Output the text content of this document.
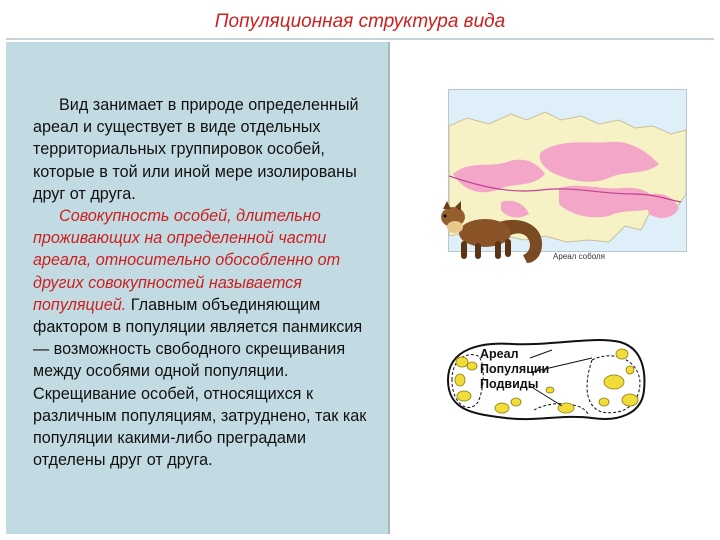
Популяционная структура вида
Вид занимает в природе определенный ареал и существует в виде отдельных территориальных группировок особей, которые в той или иной мере изолированы друг от друга.
Совокупность особей, длительно проживающих на определенной части ареала, относительно обособленно от других совокупностей называется популяцией. Главным объединяющим фактором в популяции является панмиксия — возможность свободного скрещивания между особями одной популяции. Скрещивание особей, относящихся к различным популяциям, затруднено, так как популяции какими-либо преградами отделены друг от друга.
Ареал соболя
Ареал
Популяции
Подвиды
